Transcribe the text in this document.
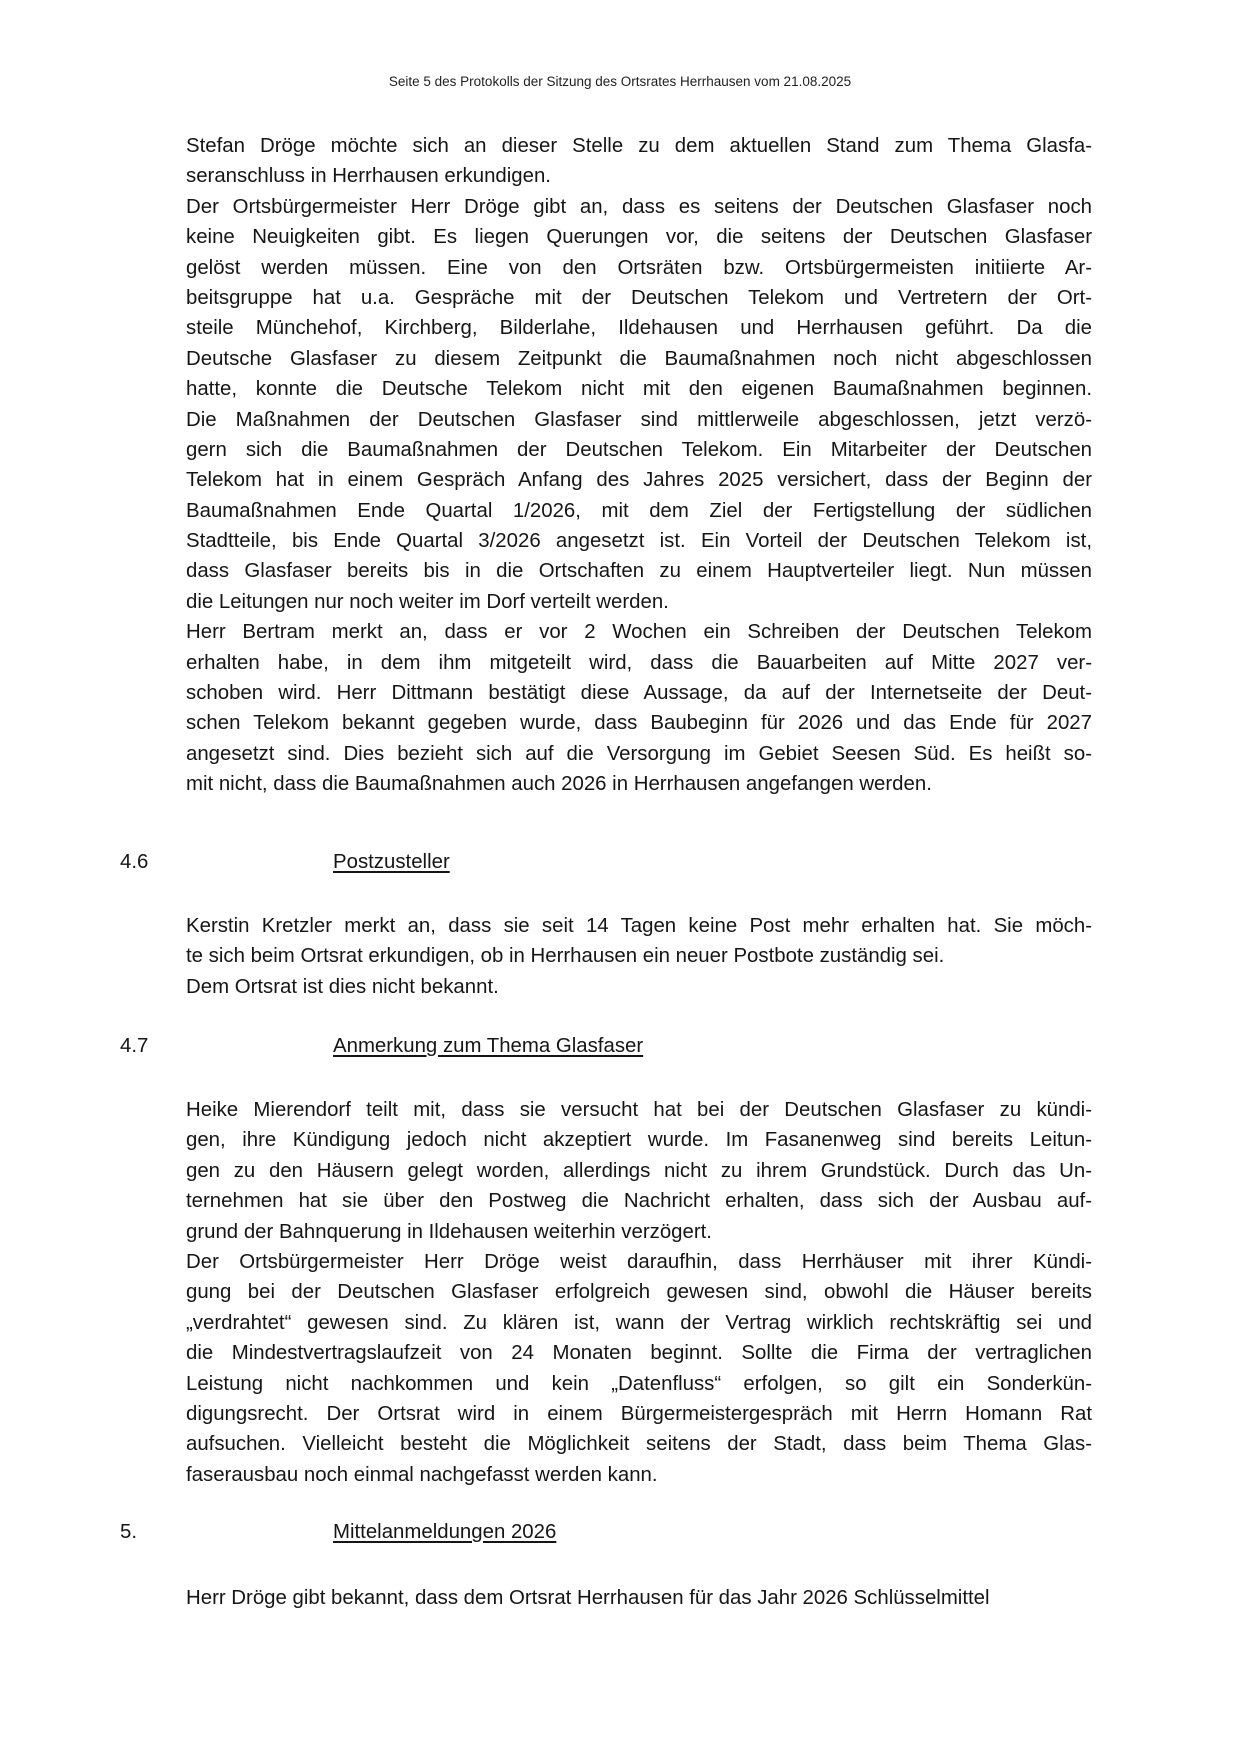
Seite 5 des Protokolls der Sitzung des Ortsrates Herrhausen vom 21.08.2025
Stefan Dröge möchte sich an dieser Stelle zu dem aktuellen Stand zum Thema Glasfa-
seranschluss in Herrhausen erkundigen.
Der Ortsbürgermeister Herr Dröge gibt an, dass es seitens der Deutschen Glasfaser noch
keine Neuigkeiten gibt. Es liegen Querungen vor, die seitens der Deutschen Glasfaser
gelöst werden müssen. Eine von den Ortsräten bzw. Ortsbürgermeisten initiierte Ar-
beitsgruppe hat u.a. Gespräche mit der Deutschen Telekom und Vertretern der Ort-
steile Münchehof, Kirchberg, Bilderlahe, Ildehausen und Herrhausen geführt. Da die
Deutsche Glasfaser zu diesem Zeitpunkt die Baumaßnahmen noch nicht abgeschlossen
hatte, konnte die Deutsche Telekom nicht mit den eigenen Baumaßnahmen beginnen.
Die Maßnahmen der Deutschen Glasfaser sind mittlerweile abgeschlossen, jetzt verzö-
gern sich die Baumaßnahmen der Deutschen Telekom. Ein Mitarbeiter der Deutschen
Telekom hat in einem Gespräch Anfang des Jahres 2025 versichert, dass der Beginn der
Baumaßnahmen Ende Quartal 1/2026, mit dem Ziel der Fertigstellung der südlichen
Stadtteile, bis Ende Quartal 3/2026 angesetzt ist. Ein Vorteil der Deutschen Telekom ist,
dass Glasfaser bereits bis in die Ortschaften zu einem Hauptverteiler liegt. Nun müssen
die Leitungen nur noch weiter im Dorf verteilt werden.
Herr Bertram merkt an, dass er vor 2 Wochen ein Schreiben der Deutschen Telekom
erhalten habe, in dem ihm mitgeteilt wird, dass die Bauarbeiten auf Mitte 2027 ver-
schoben wird. Herr Dittmann bestätigt diese Aussage, da auf der Internetseite der Deut-
schen Telekom bekannt gegeben wurde, dass Baubeginn für 2026 und das Ende für 2027
angesetzt sind. Dies bezieht sich auf die Versorgung im Gebiet Seesen Süd. Es heißt so-
mit nicht, dass die Baumaßnahmen auch 2026 in Herrhausen angefangen werden.
4.6	Postzusteller
Kerstin Kretzler merkt an, dass sie seit 14 Tagen keine Post mehr erhalten hat. Sie möch-
te sich beim Ortsrat erkundigen, ob in Herrhausen ein neuer Postbote zuständig sei.
Dem Ortsrat ist dies nicht bekannt.
4.7	Anmerkung zum Thema Glasfaser
Heike Mierendorf teilt mit, dass sie versucht hat bei der Deutschen Glasfaser zu kündi-
gen, ihre Kündigung jedoch nicht akzeptiert wurde. Im Fasanenweg sind bereits Leitun-
gen zu den Häusern gelegt worden, allerdings nicht zu ihrem Grundstück. Durch das Un-
ternehmen hat sie über den Postweg die Nachricht erhalten, dass sich der Ausbau auf-
grund der Bahnquerung in Ildehausen weiterhin verzögert.
Der Ortsbürgermeister Herr Dröge weist daraufhin, dass Herrhäuser mit ihrer Kündi-
gung bei der Deutschen Glasfaser erfolgreich gewesen sind, obwohl die Häuser bereits
„verdrahtet“ gewesen sind. Zu klären ist, wann der Vertrag wirklich rechtskräftig sei und
die Mindestvertragslaufzeit von 24 Monaten beginnt. Sollte die Firma der vertraglichen
Leistung nicht nachkommen und kein „Datenfluss“ erfolgen, so gilt ein Sonderkün-
digungsrecht. Der Ortsrat wird in einem Bürgermeistergespräch mit Herrn Homann Rat
aufsuchen. Vielleicht besteht die Möglichkeit seitens der Stadt, dass beim Thema Glas-
faserausbau noch einmal nachgefasst werden kann.
5.	Mittelanmeldungen 2026
Herr Dröge gibt bekannt, dass dem Ortsrat Herrhausen für das Jahr 2026 Schlüsselmittel
